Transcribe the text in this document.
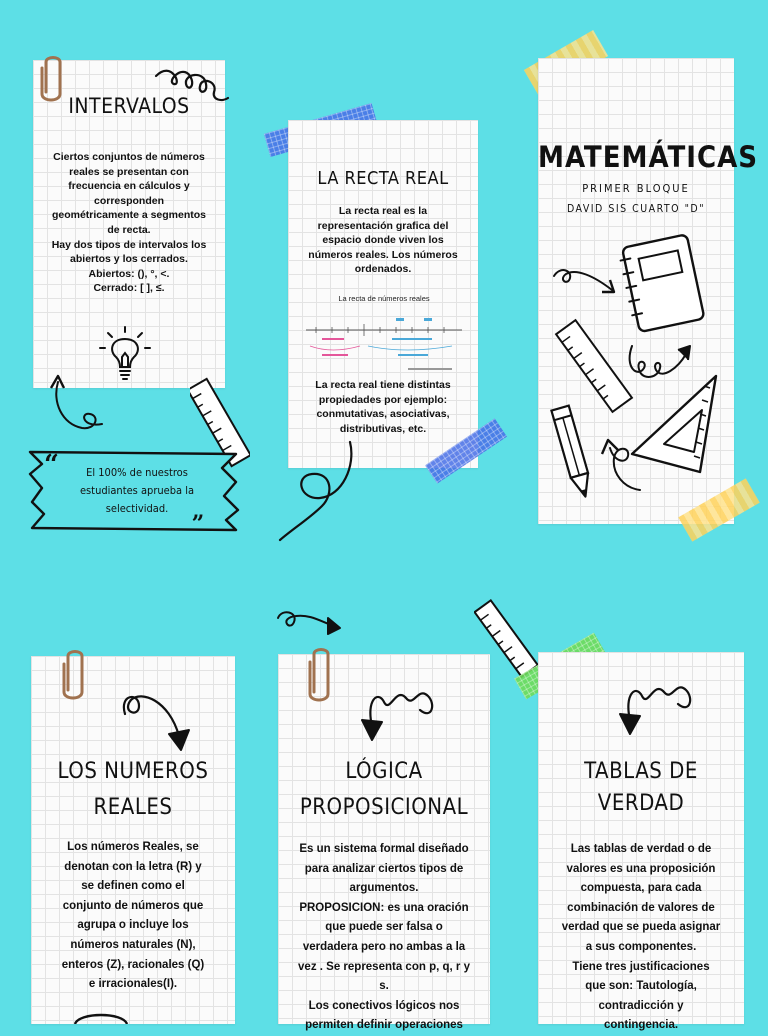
INTERVALOS
Ciertos conjuntos de números
reales se presentan con
frecuencia en cálculos y
corresponden
geométricamente a segmentos
de recta.
Hay dos tipos de intervalos los
abiertos y los cerrados.
Abiertos: (), °, <.
Cerrado: [ ], ≤.
“	El 100% de nuestros
estudiantes aprueba la
selectividad.	„
LA RECTA REAL
La recta real es la
representación grafica del
espacio donde viven los
números reales. Los números
ordenados.
La recta de números reales
La recta real tiene distintas
propiedades por ejemplo:
conmutativas, asociativas,
distributivas, etc.
MATEMÁTICAS
PRIMER BLOQUE
DAVID SIS CUARTO "D"
LOS NUMEROS
REALES
Los números Reales, se
denotan con la letra (R) y
se definen como el
conjunto de números que
agrupa o incluye los
números naturales (N),
enteros (Z), racionales (Q)
e irracionales(I).
LÓGICA
PROPOSICIONAL
Es un sistema formal diseñado
para analizar ciertos tipos de
argumentos.
PROPOSICION: es una oración
que puede ser falsa o
verdadera pero no ambas a la
vez . Se representa con p, q, r y
s.
Los conectivos lógicos nos
permiten definir operaciones
TABLAS DE
VERDAD
Las tablas de verdad o de
valores es una proposición
compuesta, para cada
combinación de valores de
verdad que se pueda asignar
a sus componentes.
Tiene tres justificaciones
que son: Tautología,
contradicción y
contingencia.
